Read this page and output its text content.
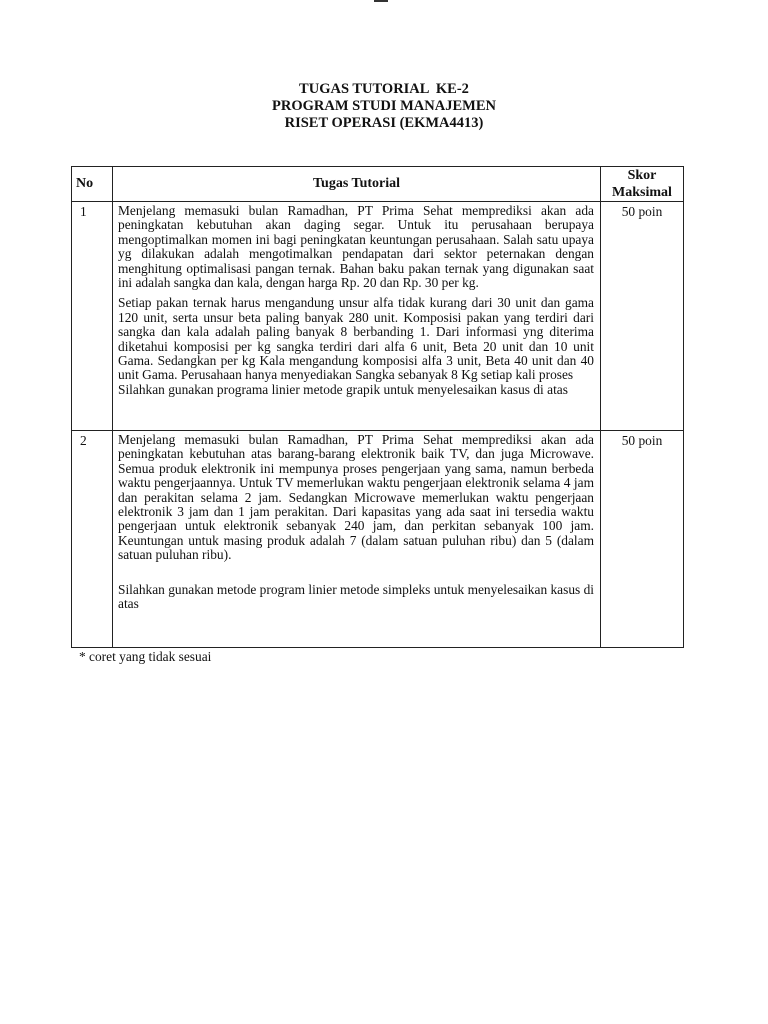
TUGAS TUTORIAL  KE-2
PROGRAM STUDI MANAJEMEN
RISET OPERASI (EKMA4413)
No	Tugas Tutorial	Skor
Maksimal

1	Menjelang memasuki bulan Ramadhan, PT Prima Sehat memprediksi akan ada peningkatan kebutuhan akan daging segar. Untuk itu perusahaan berupaya mengoptimalkan momen ini bagi peningkatan keuntungan perusahaan. Salah satu upaya yg dilakukan adalah mengotimalkan pendapatan dari sektor peternakan dengan menghitung optimalisasi pangan ternak. Bahan baku pakan ternak yang digunakan saat ini adalah sangka dan kala, dengan harga Rp. 20 dan Rp. 30 per kg.

Setiap pakan ternak harus mengandung unsur alfa tidak kurang dari 30 unit dan gama 120 unit, serta unsur beta paling banyak 280 unit. Komposisi pakan yang terdiri dari sangka dan kala adalah paling banyak 8 berbanding 1. Dari informasi yng diterima diketahui komposisi per kg sangka terdiri dari alfa 6 unit, Beta 20 unit dan 10 unit Gama. Sedangkan per kg Kala mengandung komposisi alfa 3 unit, Beta 40 unit dan 40 unit Gama. Perusahaan hanya menyediakan Sangka sebanyak 8 Kg setiap kali proses

Silahkan gunakan programa linier metode grapik untuk menyelesaikan kasus di atas	50 poin
2	Menjelang memasuki bulan Ramadhan, PT Prima Sehat memprediksi akan ada peningkatan kebutuhan atas barang-barang elektronik baik TV, dan juga Microwave. Semua produk elektronik ini mempunya proses pengerjaan yang sama, namun berbeda waktu pengerjaannya. Untuk TV memerlukan waktu pengerjaan elektronik selama 4 jam dan perakitan selama 2 jam. Sedangkan Microwave memerlukan waktu pengerjaan elektronik 3 jam dan 1 jam perakitan. Dari kapasitas yang ada saat ini tersedia waktu pengerjaan untuk elektronik sebanyak 240 jam, dan perkitan sebanyak 100 jam. Keuntungan untuk masing produk adalah 7 (dalam satuan puluhan ribu) dan 5 (dalam satuan puluhan ribu).

Silahkan gunakan metode program linier metode simpleks untuk menyelesaikan kasus di atas	50 poin
* coret yang tidak sesuai
